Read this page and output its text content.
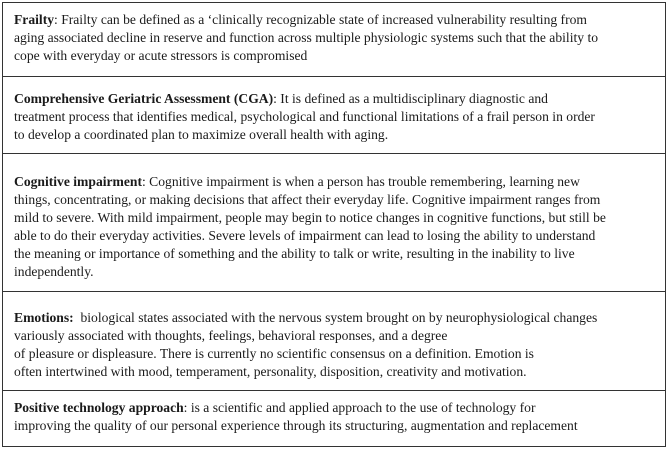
Frailty: Frailty can be defined as a ‘clinically recognizable state of increased vulnerability resulting from
aging associated decline in reserve and function across multiple physiologic systems such that the ability to
cope with everyday or acute stressors is compromised
Comprehensive Geriatric Assessment (CGA): It is defined as a multidisciplinary diagnostic and
treatment process that identifies medical, psychological and functional limitations of a frail person in order
to develop a coordinated plan to maximize overall health with aging.
Cognitive impairment: Cognitive impairment is when a person has trouble remembering, learning new
things, concentrating, or making decisions that affect their everyday life. Cognitive impairment ranges from
mild to severe. With mild impairment, people may begin to notice changes in cognitive functions, but still be
able to do their everyday activities. Severe levels of impairment can lead to losing the ability to understand
the meaning or importance of something and the ability to talk or write, resulting in the inability to live
independently.
Emotions:  biological states associated with the nervous system brought on by neurophysiological changes
variously associated with thoughts, feelings, behavioral responses, and a degree
of pleasure or displeasure. There is currently no scientific consensus on a definition. Emotion is
often intertwined with mood, temperament, personality, disposition, creativity and motivation.
Positive technology approach: is a scientific and applied approach to the use of technology for
improving the quality of our personal experience through its structuring, augmentation and replacement
